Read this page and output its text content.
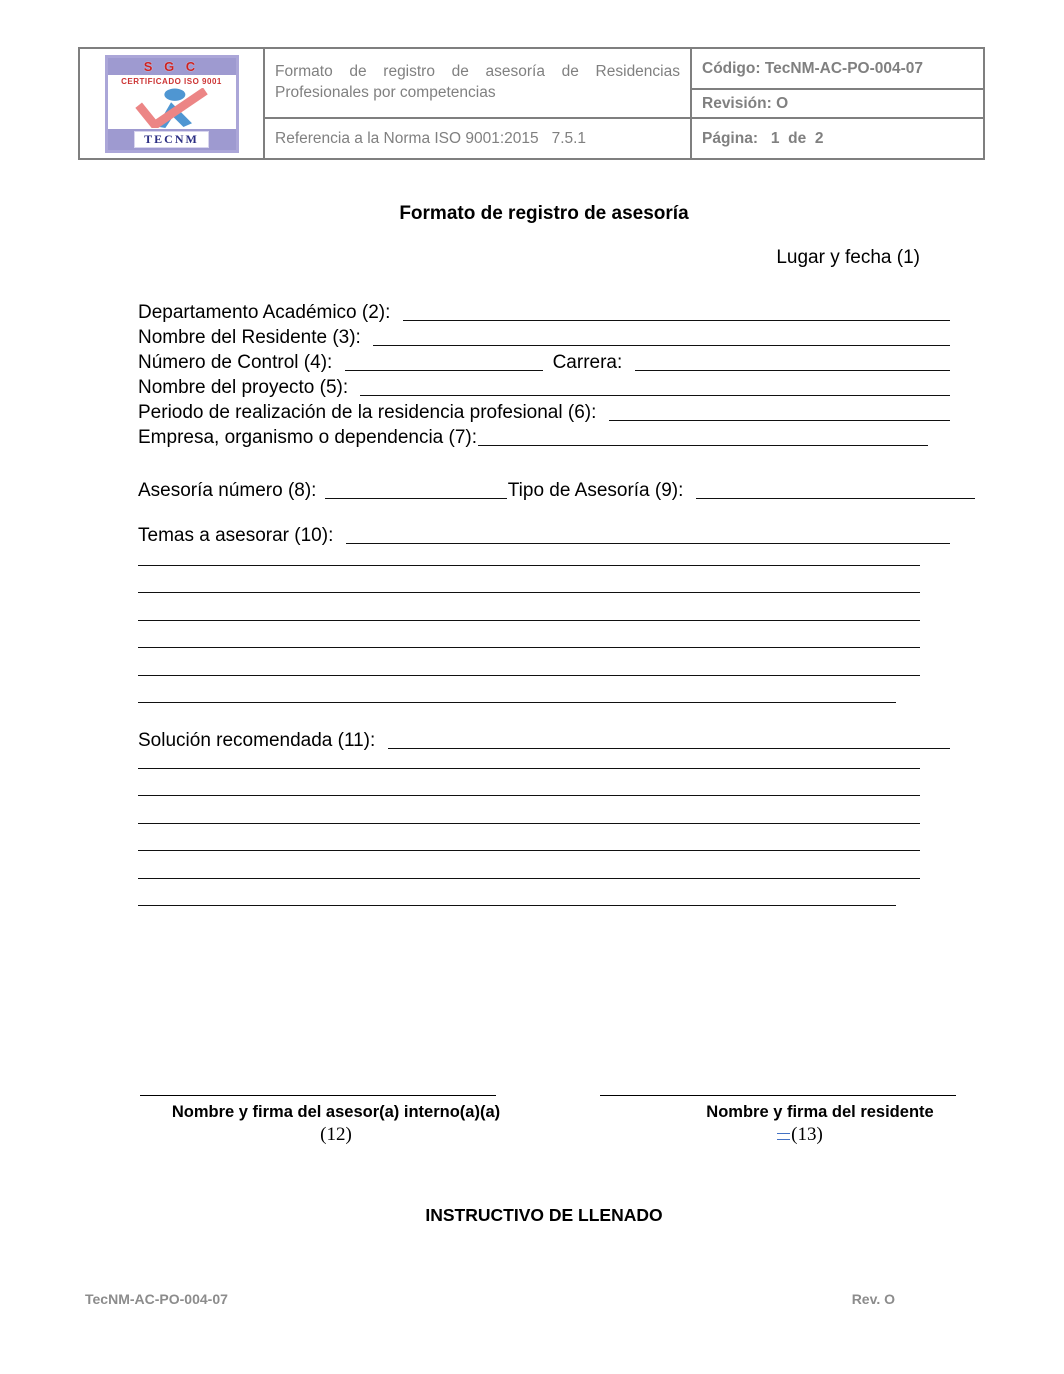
S G C
CERTIFICADO ISO 9001
TECNM
Formato de registro de asesoría de Residencias Profesionales por competencias
Referencia a la Norma ISO 9001:2015   7.5.1
Código: TecNM-AC-PO-004-07
Revisión: O
Página:   1  de  2
Formato de registro de asesoría
Lugar y fecha (1)
Departamento Académico (2):
Nombre del Residente (3):
Número de Control (4):	Carrera:
Nombre del proyecto (5):
Periodo de realización de la residencia profesional (6):
Empresa, organismo o dependencia (7):
Asesoría número (8):	Tipo de Asesoría (9):
Temas a asesorar (10):
Solución recomendada (11):
Nombre y firma del asesor(a) interno(a)(a)
(12)
Nombre y firma del residente
(13)
INSTRUCTIVO DE LLENADO
TecNM-AC-PO-004-07	Rev. O
